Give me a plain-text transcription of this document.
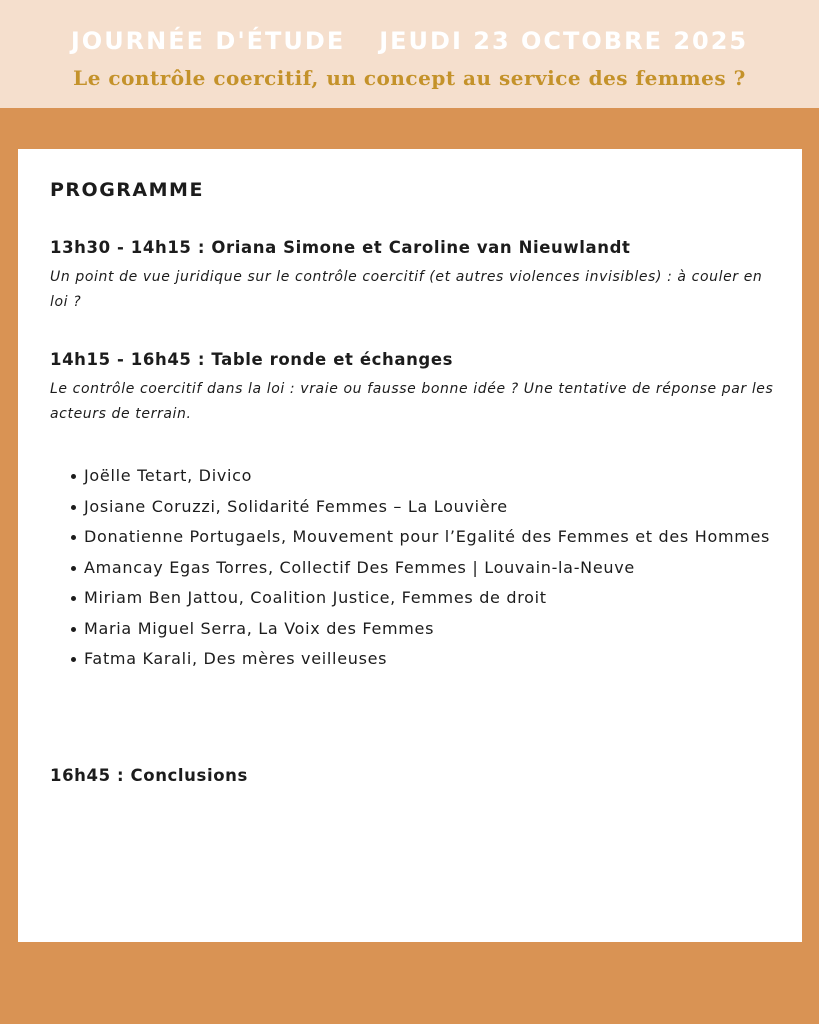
JOURNÉE D'ÉTUDE JEUDI 23 OCTOBRE 2025
Le contrôle coercitif, un concept au service des femmes ?
PROGRAMME
13h30 - 14h15 : Oriana Simone et Caroline van Nieuwlandt
Un point de vue juridique sur le contrôle coercitif (et autres violences invisibles) : à couler en loi ?
14h15 - 16h45 : Table ronde et échanges
Le contrôle coercitif dans la loi : vraie ou fausse bonne idée ? Une tentative de réponse par les acteurs de terrain.
Joëlle Tetart, Divico
Josiane Coruzzi, Solidarité Femmes – La Louvière
Donatienne Portugaels, Mouvement pour l’Egalité des Femmes et des Hommes
Amancay Egas Torres, Collectif Des Femmes | Louvain-la-Neuve
Miriam Ben Jattou, Coalition Justice, Femmes de droit
Maria Miguel Serra, La Voix des Femmes
Fatma Karali, Des mères veilleuses
16h45 : Conclusions
